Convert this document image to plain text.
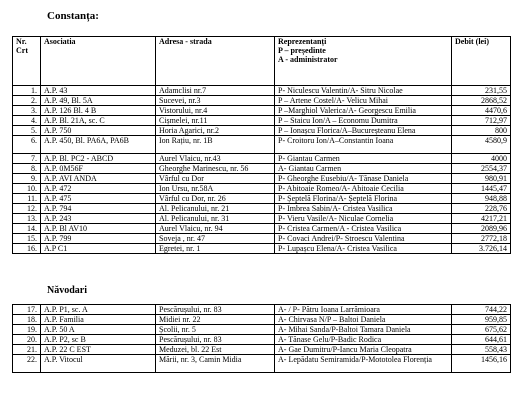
Constanța:
Nr. Crt	Asociatia	Adresa - strada	Reprezentanți
P – președinte
A - administrator	Debit (lei)
1.	A.P. 43	Adamclisi nr.7	P- Niculescu Valentin/A- Sitru Nicolae	231,55
2.	A.P. 49, Bl. 5A	Sucevei, nr.3	P – Artene Costel/A- Velicu Mihai	2868,52
3.	A.P. 126 Bl. 4 B	Vistorului, nr.4	P –Marghiol Valerica/A- Georgescu Emilia	4470,6
4.	A.P. Bl. 21A, sc. C	Cișmelei, nr.11	P – Staicu Ion/A – Economu Dumitra	712,97
5.	A.P. 750	Horia Agarici, nr.2	P – Ionașcu Florica/A–Bucureșteanu Elena	800
6.	A.P. 450, Bl. PA6A, PA6B	Ion Rațiu, nr. 1B	P- Croitoru Ion/A–Constantin Ioana	4580,9
7.	A.P. Bl. PC2 - ABCD	Aurel Vlaicu, nr.43	P- Giantau Carmen	4000
8.	A.P. 0M56F	Gheorghe Marinescu, nr. 56	A- Giantau Carmen	2554,37
9.	A.P. AVI ANDA	Vârful cu Dor	P- Gheorghe Eusebiu/A- Tănase Daniela	980,91
10.	A.P. 472	Ion Ursu, nr.58A	P- Abitoaie Romeo/A- Abitoaie Cecilia	1445,47
11.	A.P. 475	Vârful cu Dor, nr. 26	P- Șeptelă Florina/A- Șeptelă Florina	948,88
12.	A.P. 794	Al. Pelicanului, nr. 21	P- Imbrea Sabin/A- Cristea Vasilica	228,76
13.	A.P. 243	Al. Pelicanului, nr. 31	P- Vieru Vasile/A- Niculae Cornelia	4217,21
14.	A.P. Bl AV10	Aurel Vlaicu, nr. 94	P- Cristea Carmen/A - Cristea Vasilica	2089,96
15.	A.P. 799	Soveja , nr. 47	P- Covaci Andrei/P- Stroescu Valentina	2772,18
16.	A.P C1	Egretei, nr. 1	P- Lupașcu Elena/A- Cristea Vasilica	3.726,14
Năvodari
17.	A.P. P1, sc. A	Pescărușului, nr. 83	A- / P- Pătru Ioana Larrămioara	744,22
18.	A.P. Familia	Midiei nr. 22	A- Chirvasa N/P – Baltoi Daniela	959,85
19.	A.P. 50 A	Școlii, nr. 5	A- Mihai Sanda/P-Baltoi Tamara Daniela	675,62
20.	A.P. P2, sc B	Pescărușului, nr. 83	A- Tănase Gelu/P-Badic Rodica	644,61
21.	A.P. 22 C EST	Meduzei, bl. 22 Est	A- Gae Dumitru/P-Iancu Maria Cleopatra	558,43
22.	A.P. Vitocul	Mării, nr. 3, Camin Midia	A- Lepădatu Semiramida/P-Mototolea Florenția	1456,16
